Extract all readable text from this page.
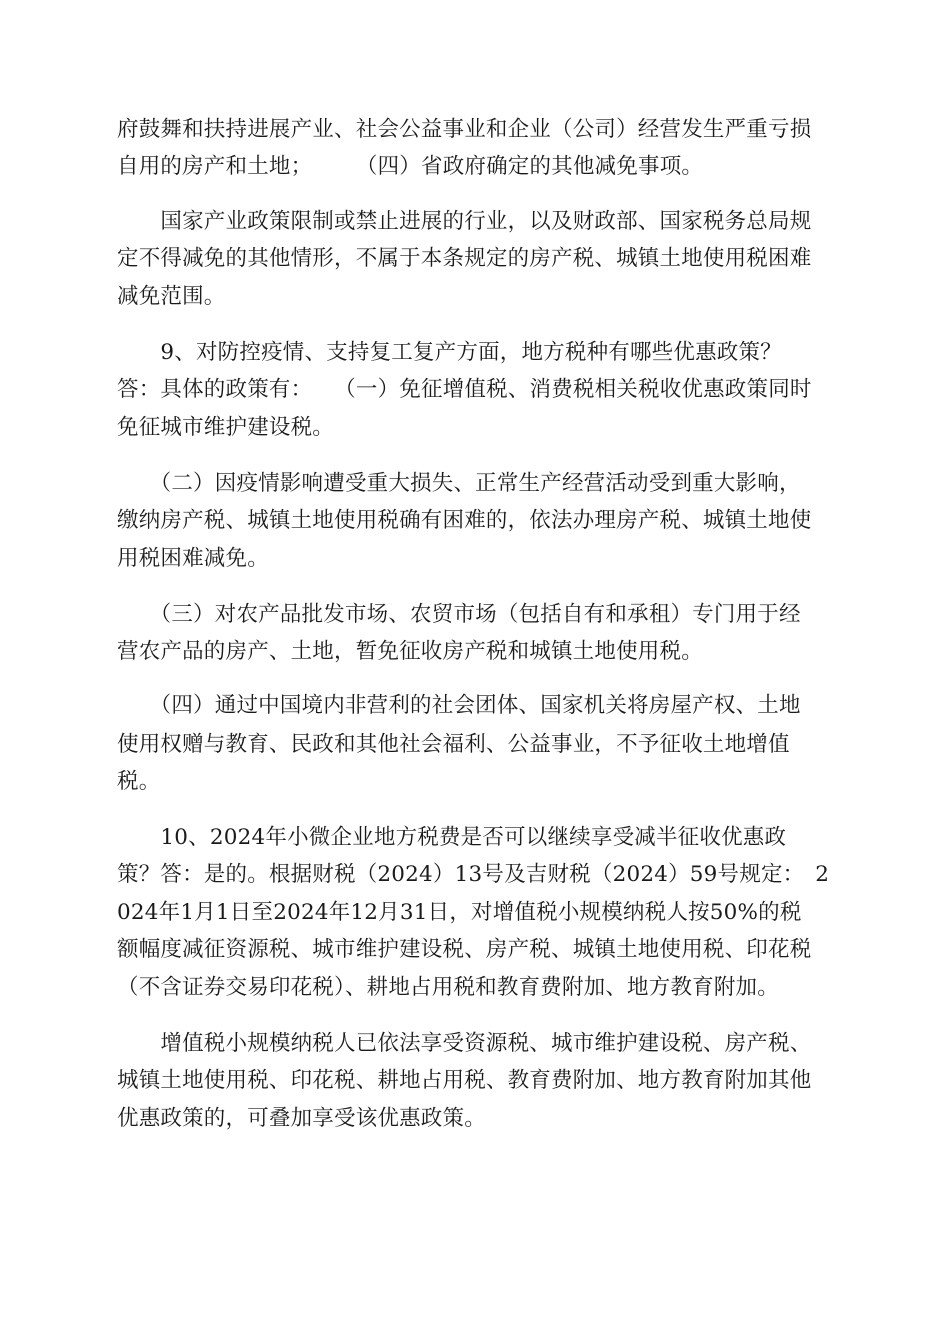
府鼓舞和扶持进展产业、社会公益事业和企业（公司）经营发生严重亏损
自用的房产和土地；　　　（四）省政府确定的其他减免事项。
　　国家产业政策限制或禁止进展的行业，以及财政部、国家税务总局规
定不得减免的其他情形，不属于本条规定的房产税、城镇土地使用税困难
减免范围。
　　9、对防控疫情、支持复工复产方面，地方税种有哪些优惠政策？
答：具体的政策有：　　（一）免征增值税、消费税相关税收优惠政策同时
免征城市维护建设税。
　　（二）因疫情影响遭受重大损失、正常生产经营活动受到重大影响，
缴纳房产税、城镇土地使用税确有困难的，依法办理房产税、城镇土地使
用税困难减免。
　　（三）对农产品批发市场、农贸市场（包括自有和承租）专门用于经
营农产品的房产、土地，暂免征收房产税和城镇土地使用税。
　　（四）通过中国境内非营利的社会团体、国家机关将房屋产权、土地
使用权赠与教育、民政和其他社会福利、公益事业，不予征收土地增值
税。
　　10、2024年小微企业地方税费是否可以继续享受减半征收优惠政
策？答：是的。根据财税（2024）13号及吉财税（2024）59号规定：　2
024年1月1日至2024年12月31日，对增值税小规模纳税人按50%的税
额幅度减征资源税、城市维护建设税、房产税、城镇土地使用税、印花税
（不含证券交易印花税）、耕地占用税和教育费附加、地方教育附加。
　　增值税小规模纳税人已依法享受资源税、城市维护建设税、房产税、
城镇土地使用税、印花税、耕地占用税、教育费附加、地方教育附加其他
优惠政策的，可叠加享受该优惠政策。
